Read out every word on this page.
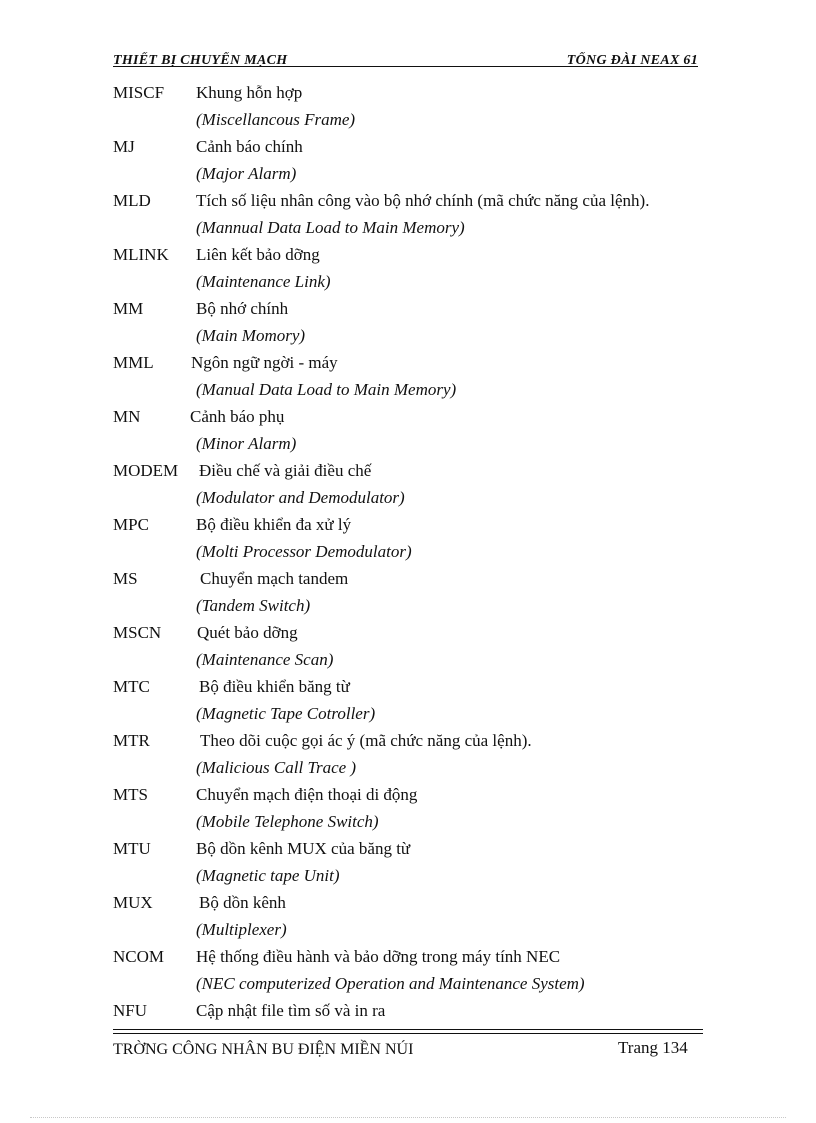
THIẾT BỊ CHUYỂN MẠCH	TỔNG ĐÀI NEAX 61
MISCF Khung hỗn hợp
(Miscellancous Frame)
MJ	Cảnh báo chính
(Major Alarm)
MLD	Tích số liệu nhân công vào bộ nhớ chính (mã chức năng của lệnh).
(Mannual Data Load to Main Memory)
MLINK Liên kết bảo dỡng
(Maintenance Link)
MM	Bộ nhớ chính
(Main Momory)
MML Ngôn ngữ ngời - máy
(Manual Data Load to Main Memory)
MN	Cảnh báo phụ
(Minor Alarm)
MODEM Điều chế và giải điều chế
(Modulator and Demodulator)
MPC	Bộ điều khiển đa xử lý
(Molti Processor Demodulator)
MS	Chuyển mạch tandem
(Tandem Switch)
MSCN Quét bảo dỡng
(Maintenance Scan)
MTC	Bộ điều khiển băng từ
(Magnetic Tape Cotroller)
MTR	Theo dõi cuộc gọi ác ý (mã chức năng của lệnh).
(Malicious Call Trace )
MTS	Chuyển mạch điện thoại di động
(Mobile Telephone Switch)
MTU	Bộ dồn kênh MUX của băng từ
(Magnetic tape Unit)
MUX	Bộ dồn kênh
(Multiplexer)
NCOM Hệ thống điều hành và bảo dỡng trong máy tính NEC
(NEC computerized Operation and Maintenance System)
NFU	Cập nhật file tìm số và in ra
TRỜNG CÔNG NHÂN BU ĐIỆN MIỀN NÚI	Trang 134
